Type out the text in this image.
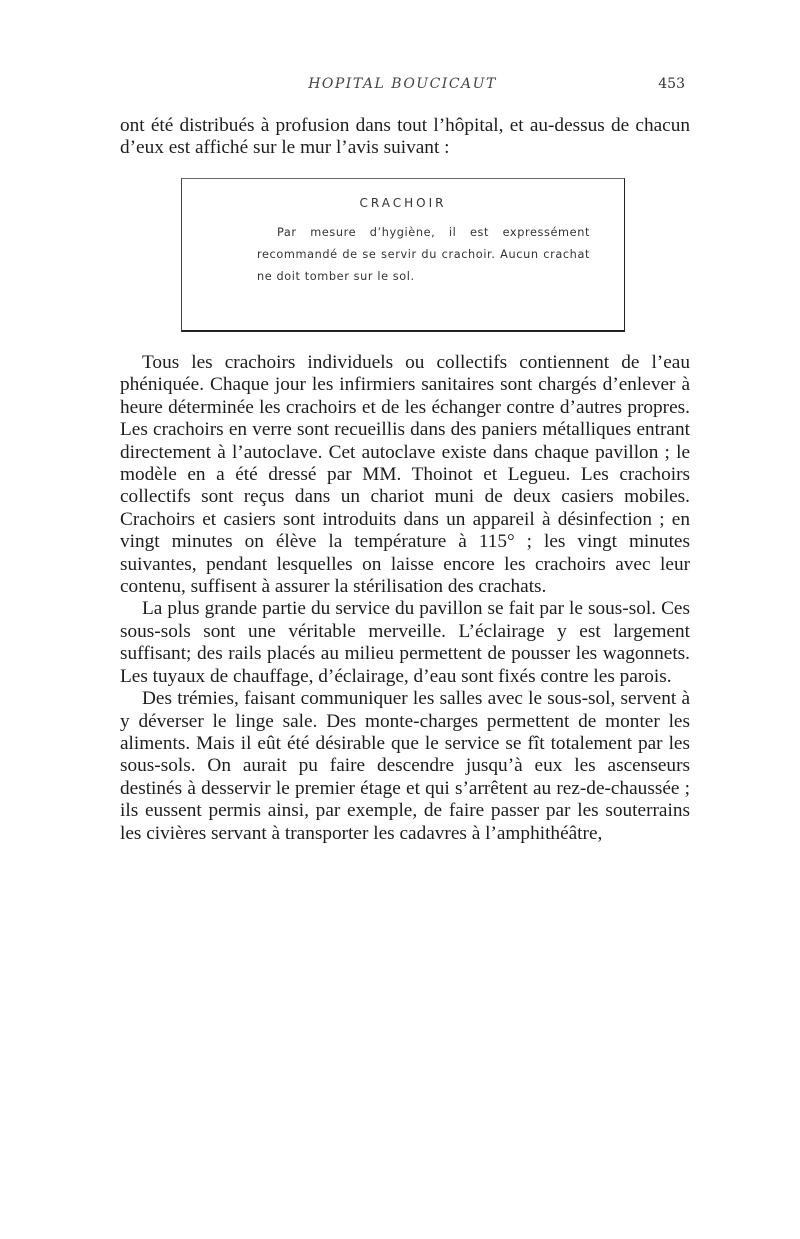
HOPITAL BOUCICAUT	453

ont été distribués à profusion dans tout l’hôpital, et au-dessus de chacun d’eux est affiché sur le mur l’avis suivant :

CRACHOIR
Par mesure d’hygiène, il est expressément recommandé de se servir du crachoir. Aucun crachat ne doit tomber sur le sol.

Tous les crachoirs individuels ou collectifs contiennent de l’eau phéniquée. Chaque jour les infirmiers sanitaires sont chargés d’enlever à heure déterminée les crachoirs et de les échanger contre d’autres propres. Les crachoirs en verre sont recueillis dans des paniers métalliques entrant directement à l’autoclave. Cet autoclave existe dans chaque pavillon ; le modèle en a été dressé par MM. Thoinot et Legueu. Les crachoirs collectifs sont reçus dans un chariot muni de deux casiers mobiles. Crachoirs et casiers sont introduits dans un appareil à désinfection ; en vingt minutes on élève la température à 115° ; les vingt minutes suivantes, pendant lesquelles on laisse encore les crachoirs avec leur contenu, suffisent à assurer la stérilisation des crachats.

La plus grande partie du service du pavillon se fait par le sous-sol. Ces sous-sols sont une véritable merveille. L’éclairage y est largement suffisant; des rails placés au milieu permettent de pousser les wagonnets. Les tuyaux de chauffage, d’éclairage, d’eau sont fixés contre les parois.

Des trémies, faisant communiquer les salles avec le sous-sol, servent à y déverser le linge sale. Des monte-charges permettent de monter les aliments. Mais il eût été désirable que le service se fît totalement par les sous-sols. On aurait pu faire descendre jusqu’à eux les ascenseurs destinés à desservir le premier étage et qui s’arrêtent au rez-de-chaussée ; ils eussent permis ainsi, par exemple, de faire passer par les souterrains les civières servant à transporter les cadavres à l’amphithéâtre,
